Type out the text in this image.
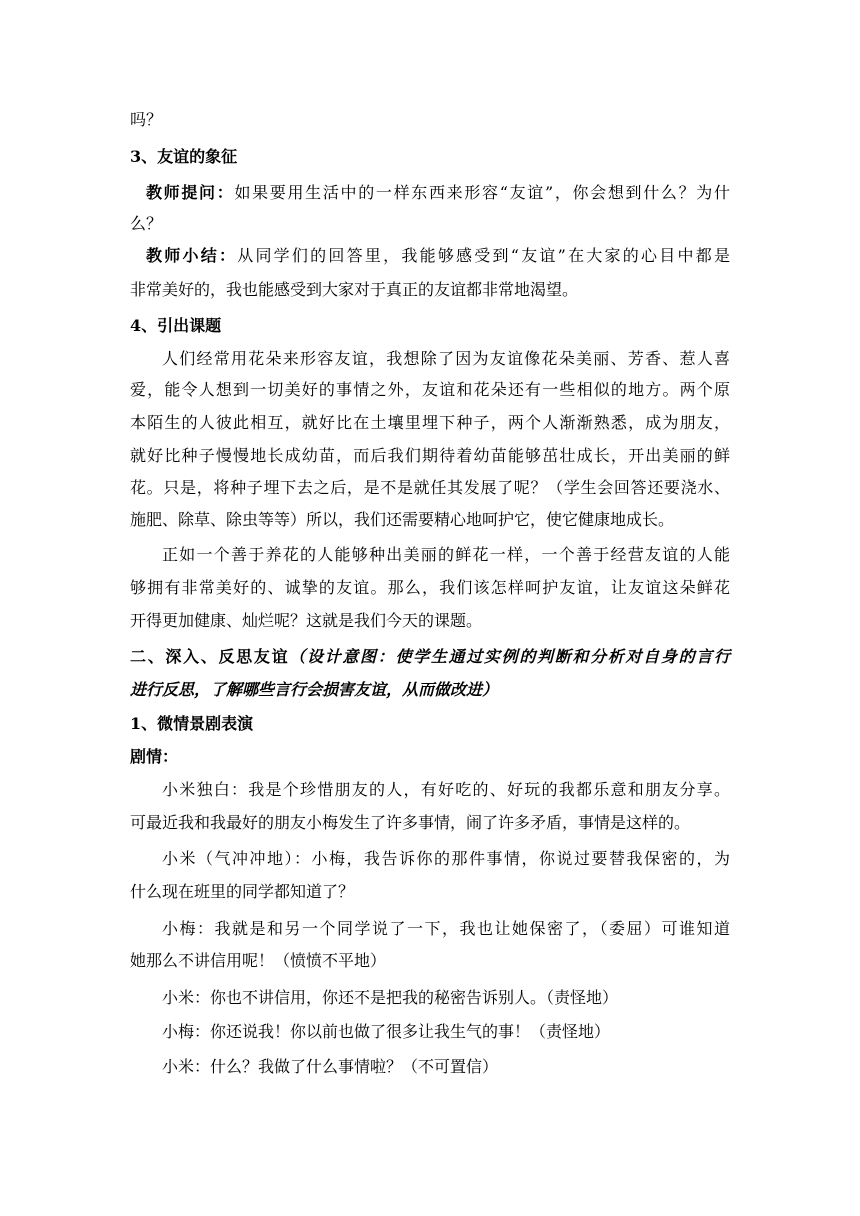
吗？
3、友谊的象征
教师提问：如果要用生活中的一样东西来形容“友谊”，你会想到什么？为什
么？
教师小结：从同学们的回答里，我能够感受到“友谊”在大家的心目中都是
非常美好的，我也能感受到大家对于真正的友谊都非常地渴望。
4、引出课题
人们经常用花朵来形容友谊，我想除了因为友谊像花朵美丽、芳香、惹人喜
爱，能令人想到一切美好的事情之外，友谊和花朵还有一些相似的地方。两个原
本陌生的人彼此相互，就好比在土壤里埋下种子，两个人渐渐熟悉，成为朋友，
就好比种子慢慢地长成幼苗，而后我们期待着幼苗能够茁壮成长，开出美丽的鲜
花。只是，将种子埋下去之后，是不是就任其发展了呢？（学生会回答还要浇水、
施肥、除草、除虫等等）所以，我们还需要精心地呵护它，使它健康地成长。
正如一个善于养花的人能够种出美丽的鲜花一样，一个善于经营友谊的人能
够拥有非常美好的、诚挚的友谊。那么，我们该怎样呵护友谊，让友谊这朵鲜花
开得更加健康、灿烂呢？这就是我们今天的课题。
二、深入、反思友谊（设计意图：使学生通过实例的判断和分析对自身的言行
进行反思，了解哪些言行会损害友谊，从而做改进）
1、微情景剧表演
剧情：
小米独白：我是个珍惜朋友的人，有好吃的、好玩的我都乐意和朋友分享。
可最近我和我最好的朋友小梅发生了许多事情，闹了许多矛盾，事情是这样的。
小米（气冲冲地）：小梅，我告诉你的那件事情，你说过要替我保密的，为
什么现在班里的同学都知道了？
小梅：我就是和另一个同学说了一下，我也让她保密了，（委屈）可谁知道
她那么不讲信用呢！（愤愤不平地）
小米：你也不讲信用，你还不是把我的秘密告诉别人。（责怪地）
小梅：你还说我！你以前也做了很多让我生气的事！（责怪地）
小米：什么？我做了什么事情啦？（不可置信）
